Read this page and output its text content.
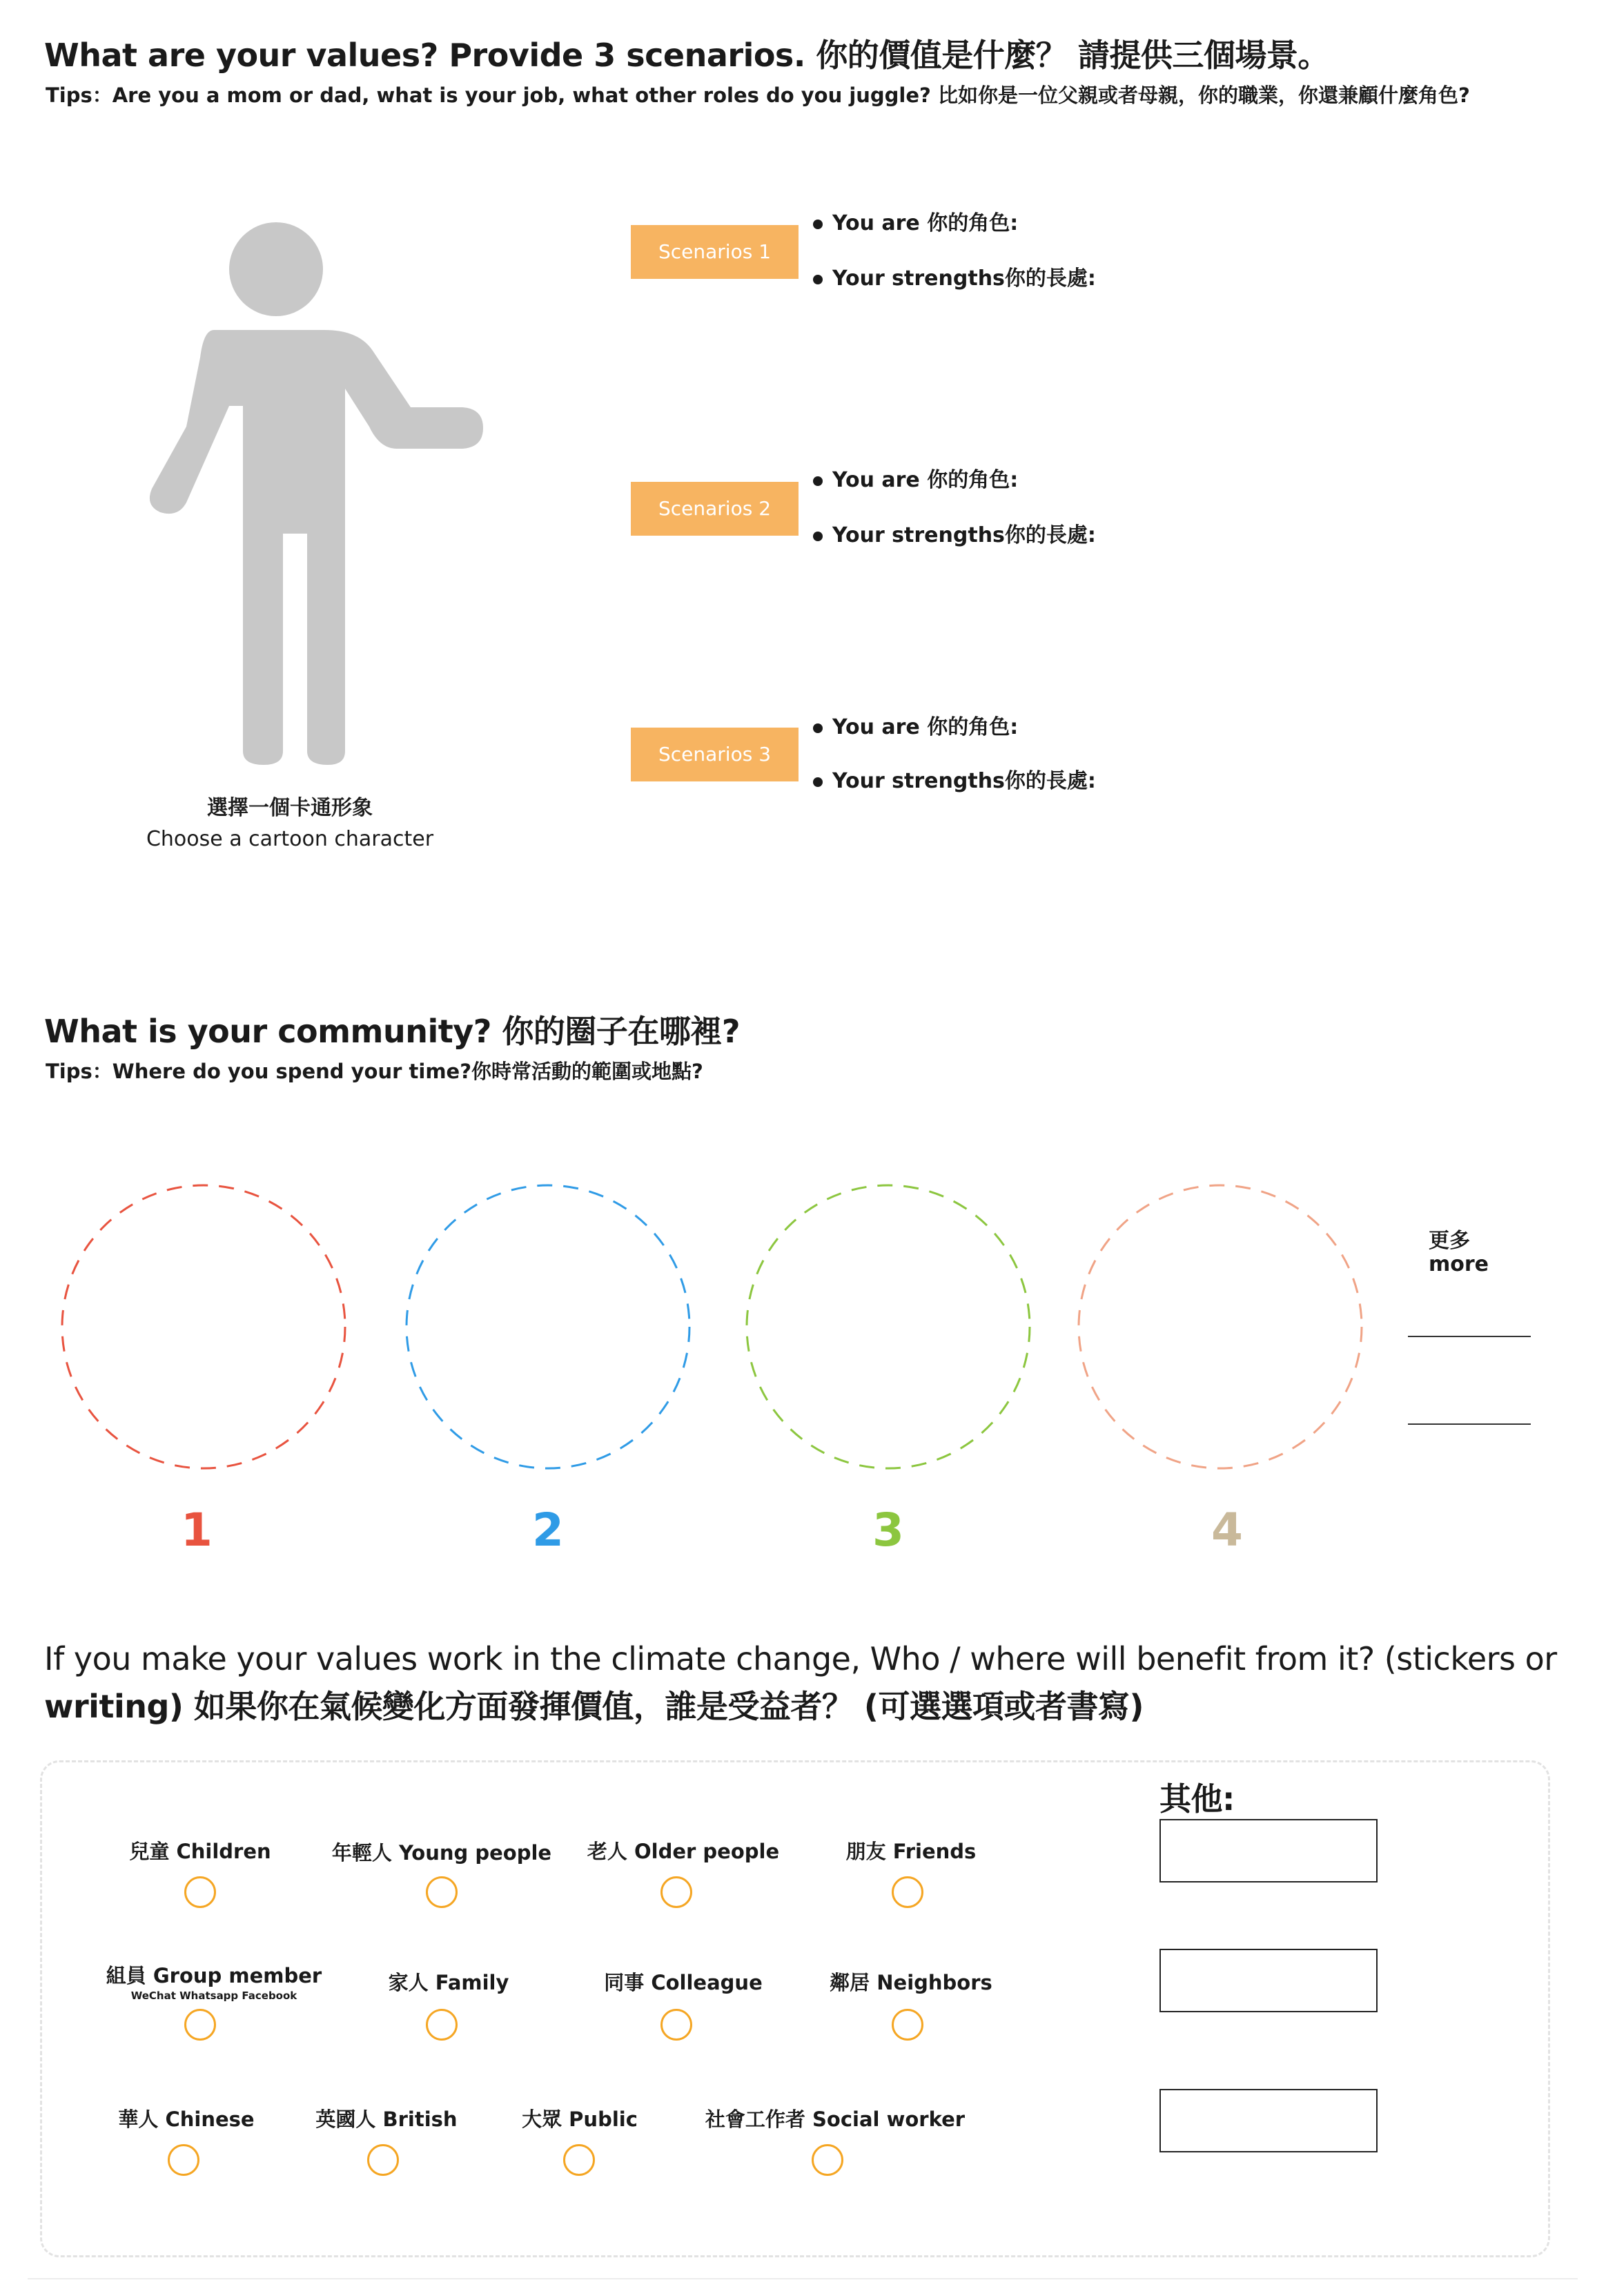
What are your values? Provide 3 scenarios. 你的價值是什麼？ 請提供三個場景。
Tips：Are you a mom or dad, what is your job, what other roles do you juggle? 比如你是一位父親或者母親，你的職業，你還兼顧什麼角色?
選擇一個卡通形象
Choose a cartoon character
Scenarios 1
You are 你的角色:
Your strengths你的長處:
Scenarios 2
You are 你的角色:
Your strengths你的長處:
Scenarios 3
You are 你的角色:
Your strengths你的長處:
What is your community? 你的圈子在哪裡?
Tips：Where do you spend your time?你時常活動的範圍或地點?
1	2	3	4
更多
more
If you make your values work in the climate change, Who / where will benefit from it? (stickers or
writing) 如果你在氣候變化方面發揮價值，誰是受益者？ (可選選項或者書寫)
其他:
兒童 Children	年輕人 Young people	老人 Older people	朋友 Friends
組員 Group member
WeChat Whatsapp Facebook
家人 Family	同事 Colleague	鄰居 Neighbors
華人 Chinese	英國人 British	大眾 Public	社會工作者 Social worker
